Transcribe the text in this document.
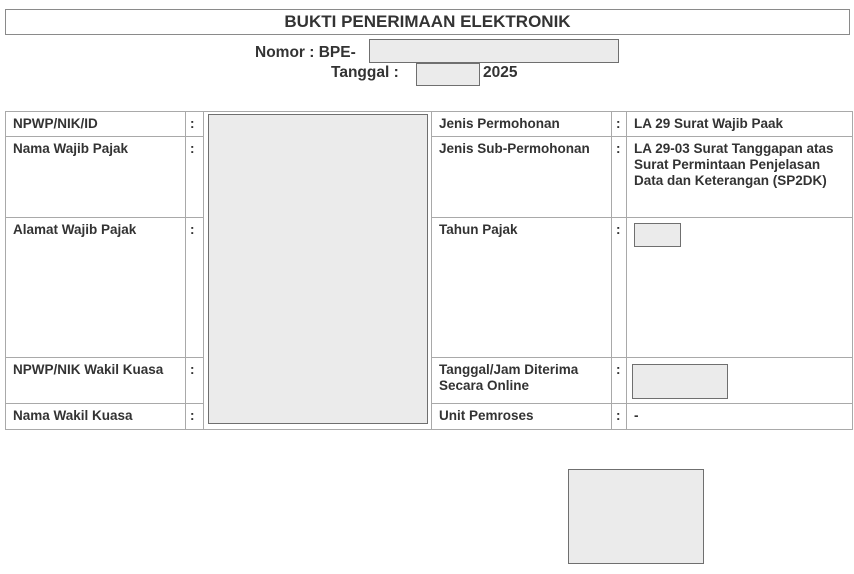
BUKTI PENERIMAAN ELEKTRONIK
Nomor : BPE-
Tanggal :	2025
NPWP/NIK/ID	:		Jenis Permohonan	:	LA 29 Surat Wajib Paak
Nama Wajib Pajak	:		Jenis Sub-Permohonan	:	LA 29-03 Surat Tanggapan atas Surat Permintaan Penjelasan Data dan Keterangan (SP2DK)
Alamat Wajib Pajak	:		Tahun Pajak	:	

NPWP/NIK Wakil Kuasa	:		Tanggal/Jam Diterima Secara Online	:	

Nama Wakil Kuasa	:		Unit Pemroses	:	-
